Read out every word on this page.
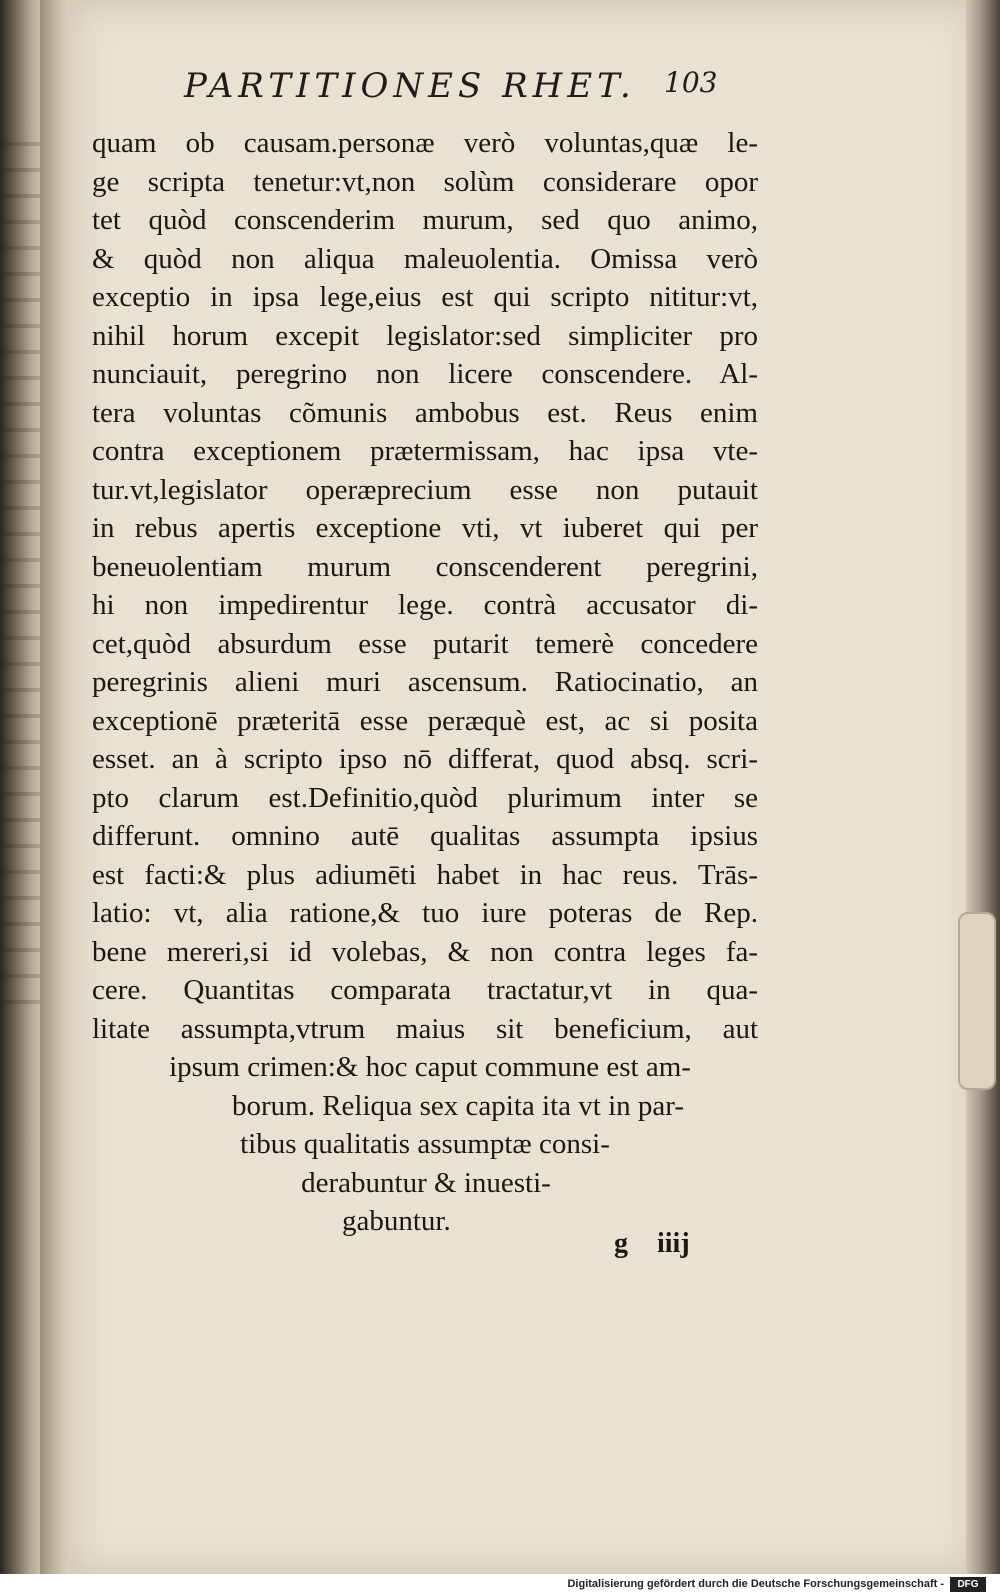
PARTITIONES RHET.	103
quam ob causam.personæ verò voluntas,quæ le-
ge scripta tenetur:vt,non solùm considerare opor
tet quòd conscenderim murum, sed quo animo,
& quòd non aliqua maleuolentia. Omissa verò
exceptio in ipsa lege,eius est qui scripto nititur:vt,
nihil horum excepit legislator:sed simpliciter pro
nunciauit, peregrino non licere conscendere. Al-
tera voluntas cõmunis ambobus est. Reus enim
contra exceptionem prætermissam, hac ipsa vte-
tur.vt,legislator operæprecium esse non putauit
in rebus apertis exceptione vti, vt iuberet qui per
beneuolentiam murum conscenderent peregrini,
hi non impedirentur lege. contrà accusator di-
cet,quòd absurdum esse putarit temerè concedere
peregrinis alieni muri ascensum. Ratiocinatio, an
exceptionē præteritā esse peræquè est, ac si posita
esset. an à scripto ipso nō differat, quod absq. scri-
pto clarum est.Definitio,quòd plurimum inter se
differunt. omnino autē qualitas assumpta ipsius
est facti:& plus adiumēti habet in hac reus. Trās-
latio: vt, alia ratione,& tuo iure poteras de Rep.
bene mereri,si id volebas, & non contra leges fa-
cere. Quantitas comparata tractatur,vt in qua-
litate assumpta,vtrum maius sit beneficium, aut
ipsum crimen:& hoc caput commune est am-
borum. Reliqua sex capita ita vt in par-
tibus qualitatis assumptæ consi-
derabuntur & inuesti-
gabuntur.
g iiij
Digitalisierung gefördert durch die Deutsche Forschungsgemeinschaft -	DFG
